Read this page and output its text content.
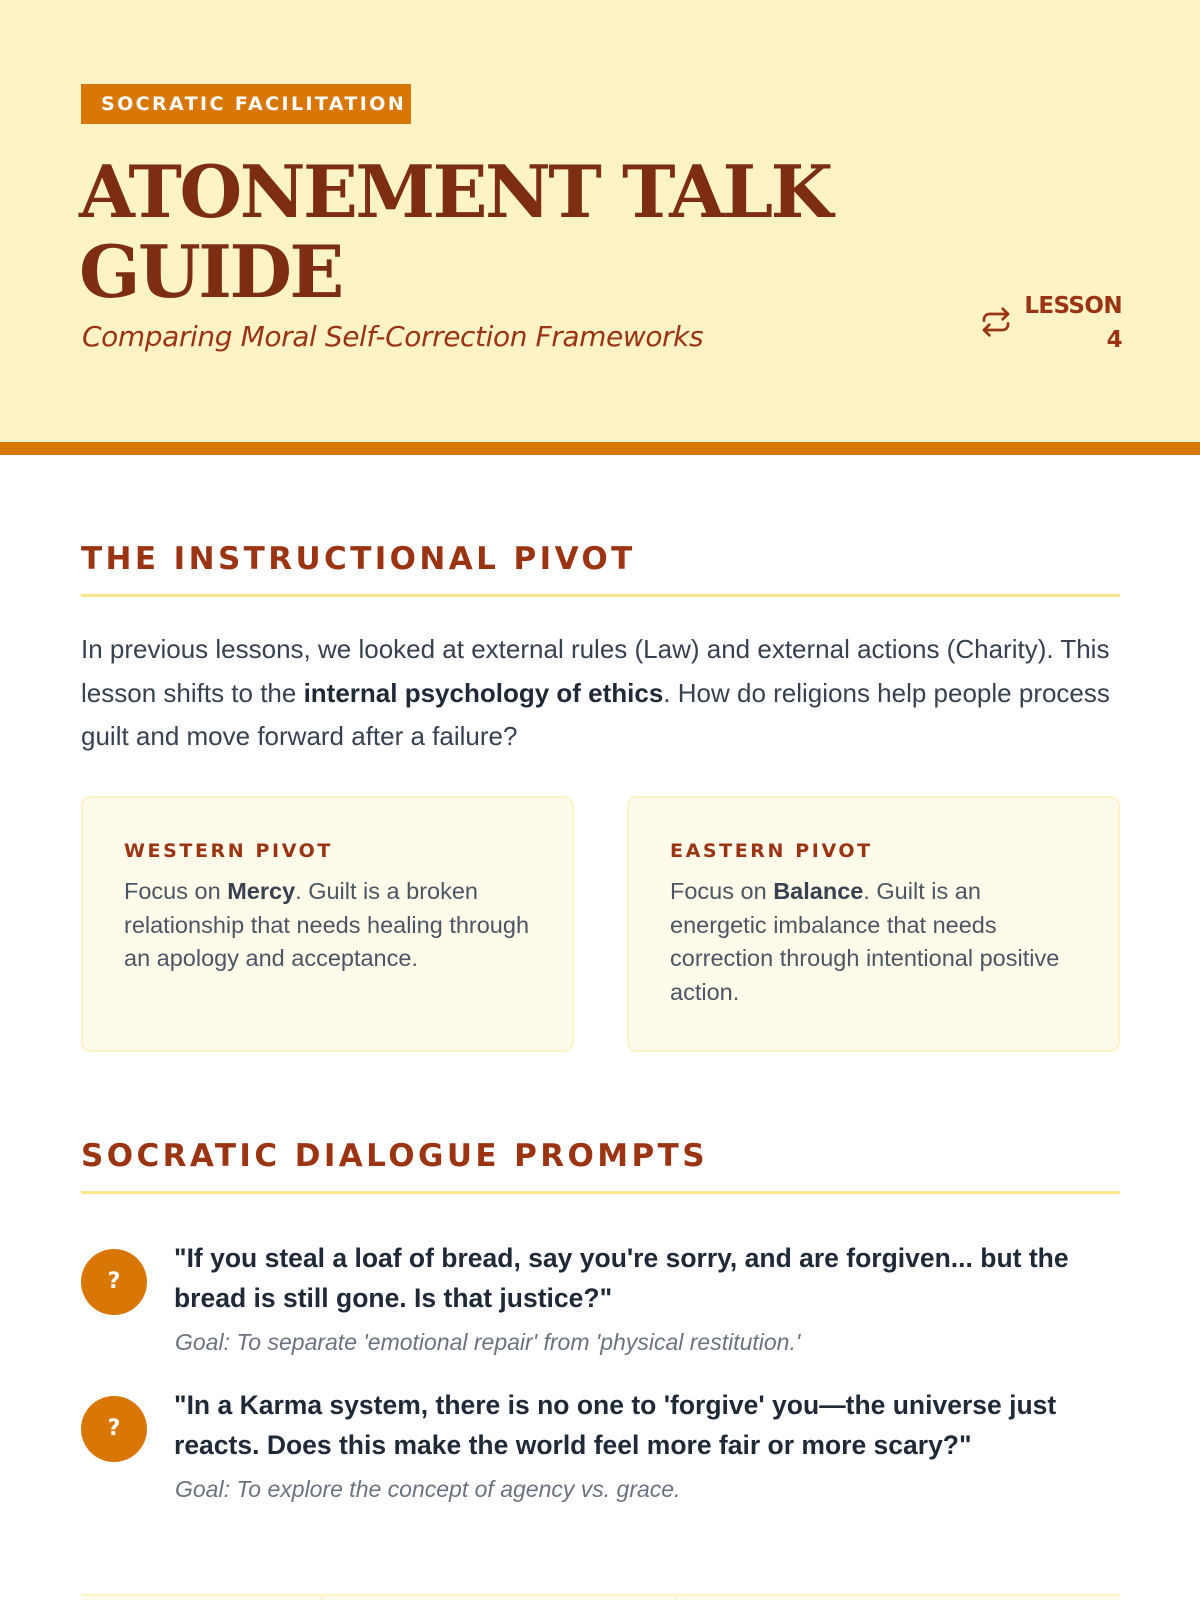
SOCRATIC FACILITATION
ATONEMENT TALK GUIDE
Comparing Moral Self-Correction Frameworks
LESSON
4
THE INSTRUCTIONAL PIVOT

In previous lessons, we looked at external rules (Law) and external actions (Charity). This lesson shifts to the internal psychology of ethics. How do religions help people process guilt and move forward after a failure?

WESTERN PIVOT

Focus on Mercy. Guilt is a broken relationship that needs healing through an apology and acceptance.

EASTERN PIVOT

Focus on Balance. Guilt is an energetic imbalance that needs correction through intentional positive action.

SOCRATIC DIALOGUE PROMPTS
?
"If you steal a loaf of bread, say you're sorry, and are forgiven... but the bread is still gone. Is that justice?"
Goal: To separate 'emotional repair' from 'physical restitution.'
?
"In a Karma system, there is no one to 'forgive' you—the universe just reacts. Does this make the world feel more fair or more scary?"
Goal: To explore the concept of agency vs. grace.
